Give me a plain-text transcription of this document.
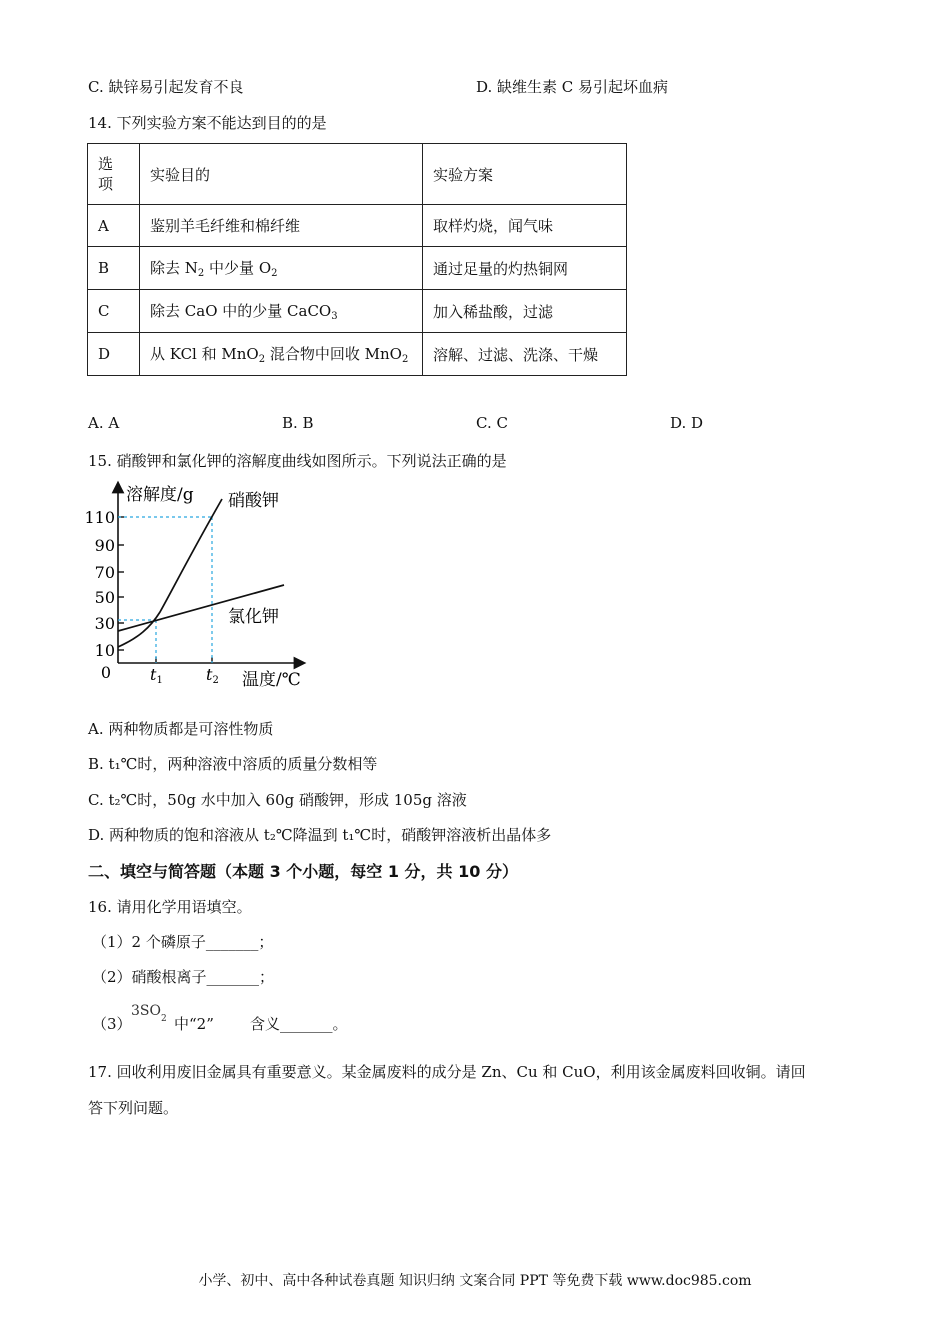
C. 缺锌易引起发育不良	D. 缺维生素 C 易引起坏血病
14. 下列实验方案不能达到目的的是
选项	实验目的	实验方案
A	鉴别羊毛纤维和棉纤维	取样灼烧，闻气味
B	除去 $N_2$ 中少量 $O_2$	通过足量的灼热铜网
C	除去 CaO 中的少量 CaCO$_3$	加入稀盐酸，过滤
D	从 KCl 和 MnO$_2$ 混合物中回收 MnO$_2$	溶解、过滤、洗涤、干燥
A. A	B. B	C. C	D. D
15. 硝酸钾和氯化钾的溶解度曲线如图所示。下列说法正确的是
110
90
70
50
30
10
0
溶解度/g
温度/℃
t1	t2
硝酸钾
氯化钾
A. 两种物质都是可溶性物质
B. t₁℃时，两种溶液中溶质的质量分数相等
C. t₂℃时，50g 水中加入 60g 硝酸钾，形成 105g 溶液
D. 两种物质的饱和溶液从 t₂℃降温到 t₁℃时，硝酸钾溶液析出晶体多
二、填空与简答题（本题 3 个小题，每空 1 分，共 10 分）
16. 请用化学用语填空。
（1）2 个磷原子_______；
（2）硝酸根离子_______；
（3）
$3SO_2$ 中“2” 含义_______。
17. 回收利用废旧金属具有重要意义。某金属废料的成分是 Zn、Cu 和 CuO，利用该金属废料回收铜。请回
答下列问题。
小学、初中、高中各种试卷真题 知识归纳 文案合同 PPT 等免费下载 www.doc985.com
